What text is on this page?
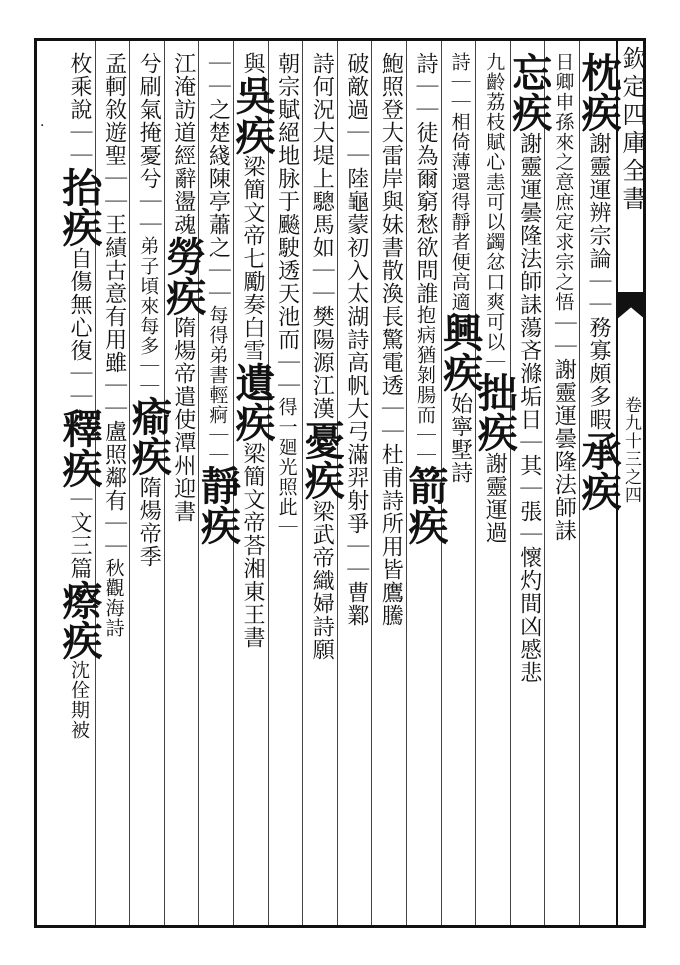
欽定四庫全書
卷九十三之四
·
枕疾謝靈運辨宗論｜｜務寡頗多暇承疾
日卿申孫來之意庶定求宗之悟｜｜謝靈運曇隆法師誄
忘疾謝靈運曇隆法師誄蕩吝滌垢日｜其｜張｜懷灼間凶慼悲
九齡荔枝賦心恚可以蠲忿口爽可以｜拙疾謝靈運過
詩｜｜相倚薄還得靜者便高適興疾始寧墅詩
詩｜｜徒為爾窮愁欲問誰抱病猶剝腸而｜｜箭疾
鮑照登大雷岸與妹書散渙長驚電透｜｜杜甫詩所用皆鷹騰
破敵過｜｜陸龜蒙初入太湖詩高帆大弓滿羿射爭｜｜曹鄴
詩何況大堤上驄馬如｜｜樊陽源江漢憂疾梁武帝織婦詩願
朝宗賦絕地脉于飈駛透天池而｜｜得一廻光照此｜
與吳疾梁簡文帝七勵奏白雪遺疾梁簡文帝荅湘東王書
｜｜之楚綫陳亭蕭之｜｜每得弟書輕痾｜｜靜疾
江淹訪道經辭盪魂勞疾隋煬帝遣使潭州迎書
兮刷氣掩憂兮｜｜弟子頃來每多｜｜瘉疾隋煬帝季
孟軻敘遊聖｜｜王績古意有用雖｜｜盧照鄰有｜｜秋觀海詩
枚乘說｜｜抬疾自傷無心復｜｜釋疾｜文三篇瘵疾沈佺期被
